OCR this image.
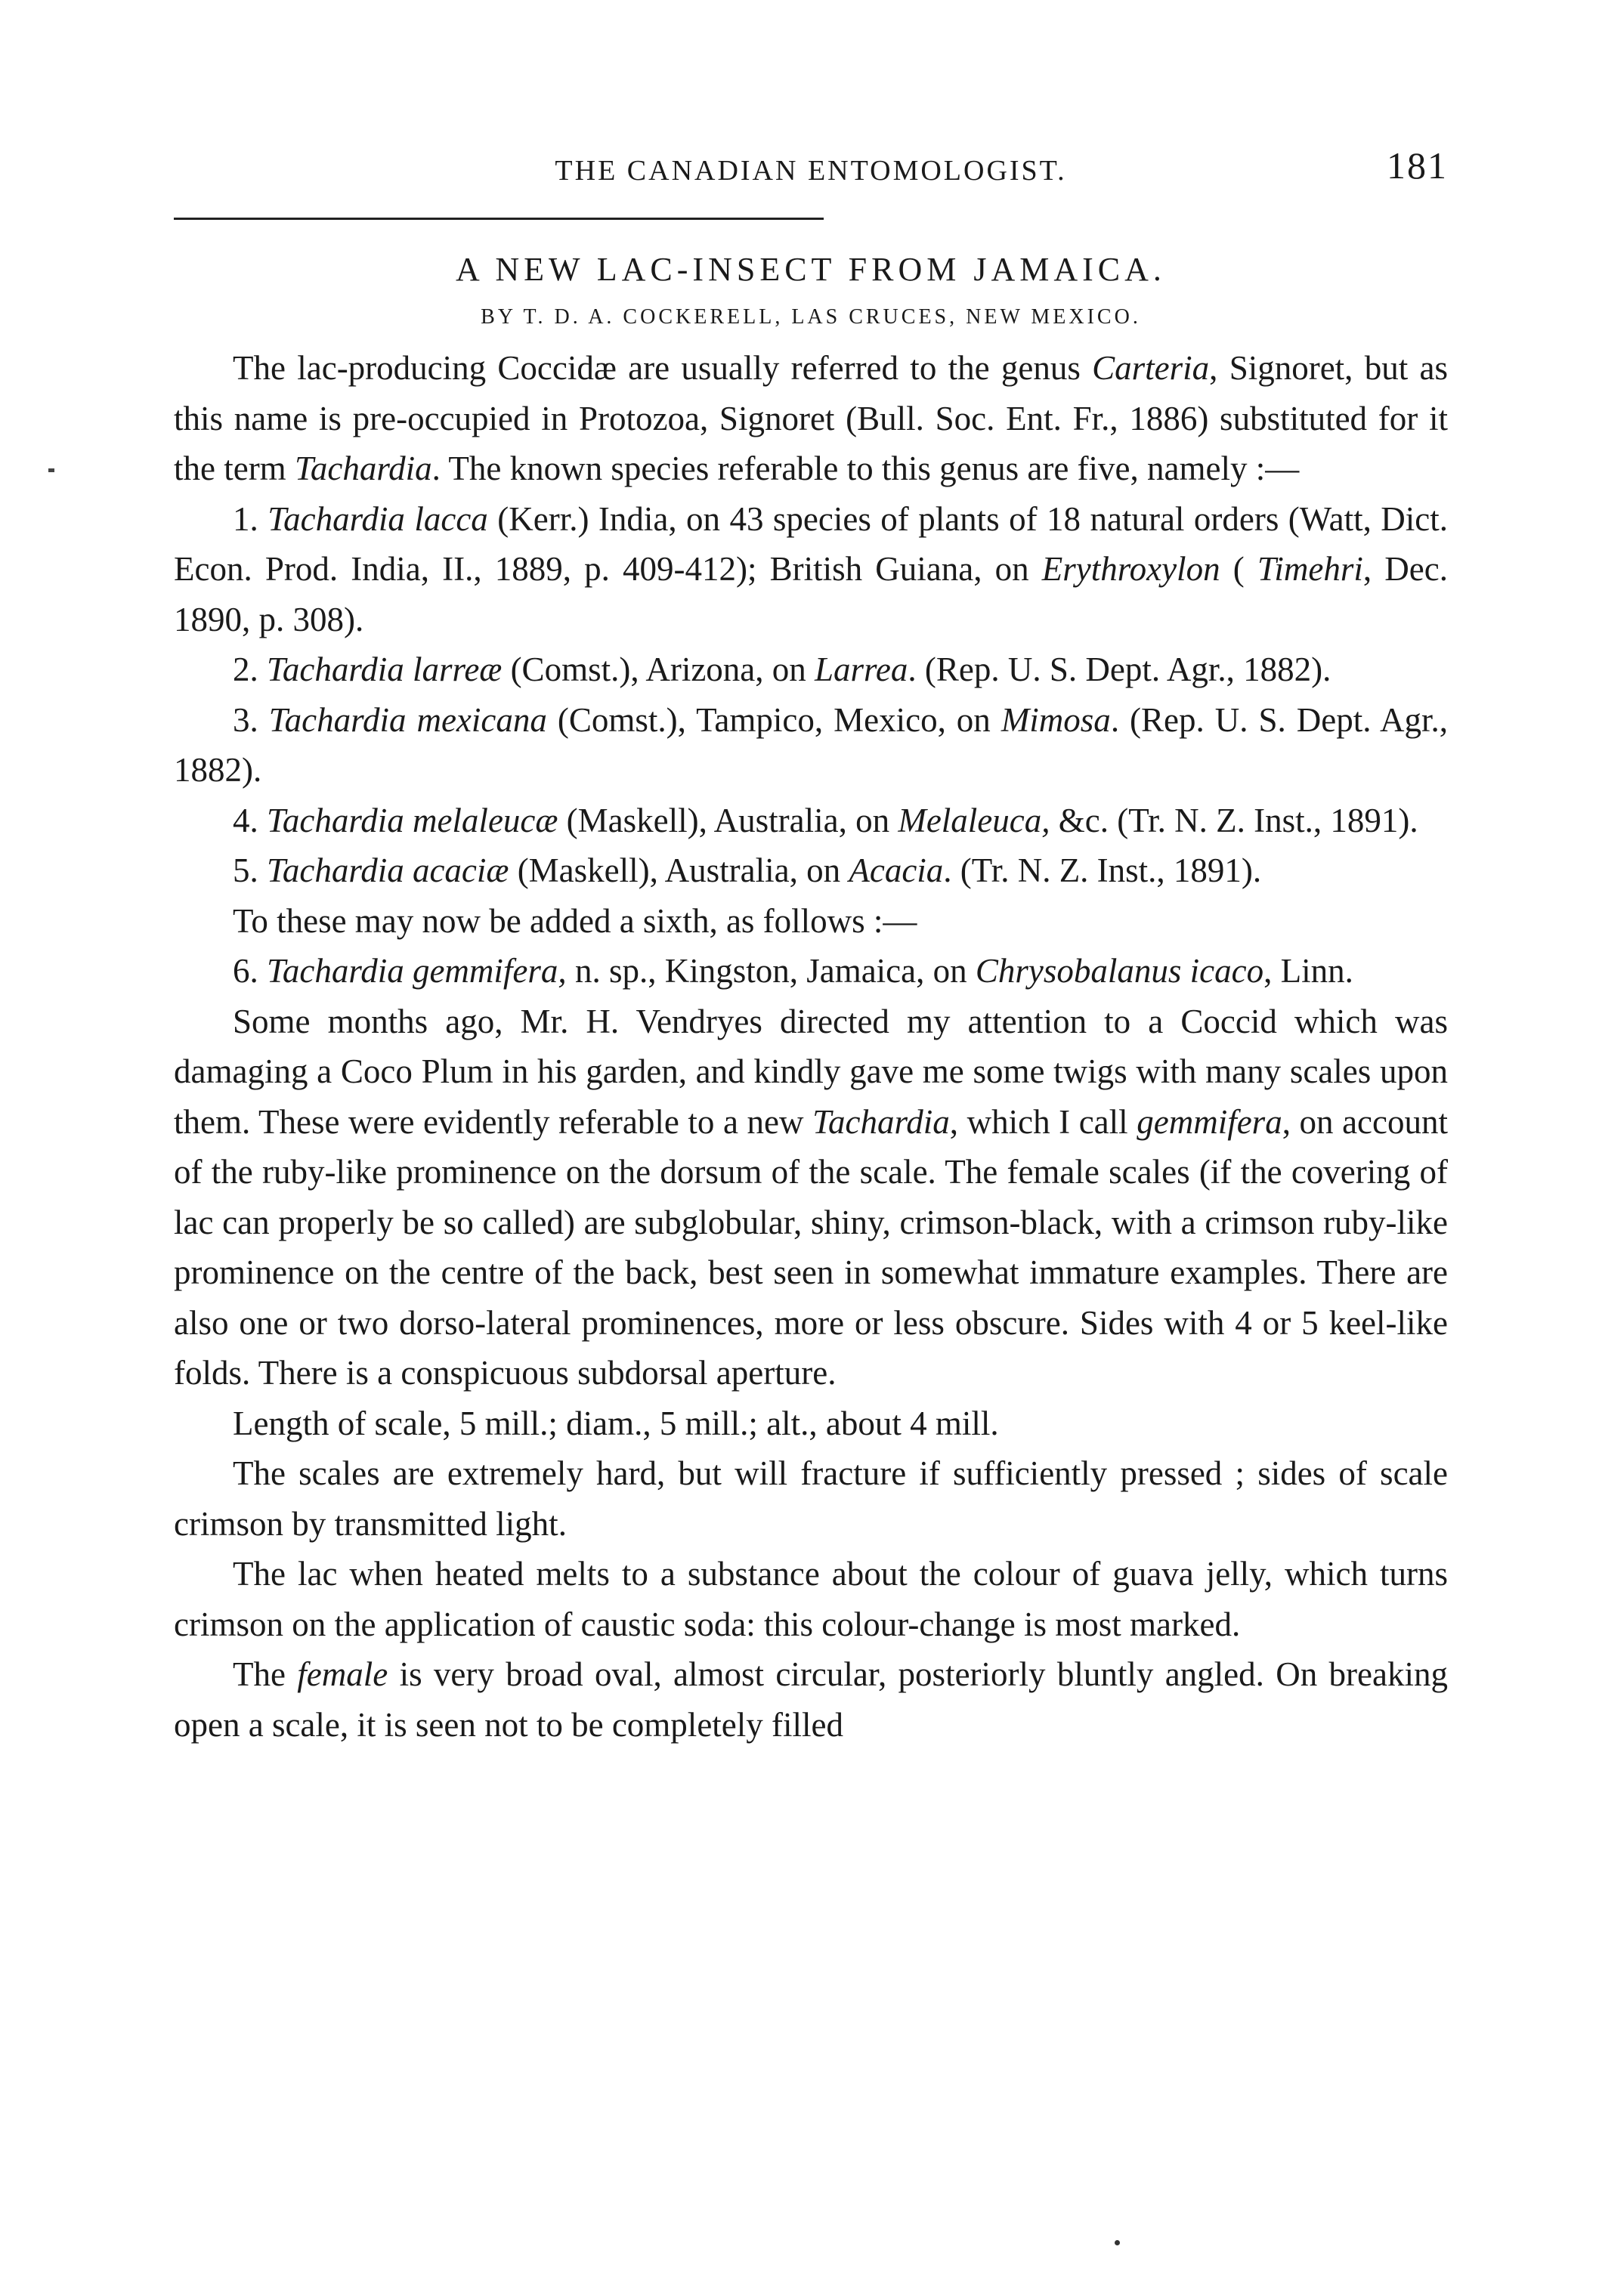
THE CANADIAN ENTOMOLOGIST.	181
A NEW LAC-INSECT FROM JAMAICA.
BY T. D. A. COCKERELL, LAS CRUCES, NEW MEXICO.

The lac-producing Coccidæ are usually referred to the genus Carteria, Signoret, but as this name is pre-occupied in Protozoa, Signoret (Bull. Soc. Ent. Fr., 1886) substituted for it the term Tachardia. The known species referable to this genus are five, namely :—

1. Tachardia lacca (Kerr.) India, on 43 species of plants of 18 natural orders (Watt, Dict. Econ. Prod. India, II., 1889, p. 409-412); British Guiana, on Erythroxylon ( Timehri, Dec. 1890, p. 308).

2. Tachardia larreæ (Comst.), Arizona, on Larrea. (Rep. U. S. Dept. Agr., 1882).

3. Tachardia mexicana (Comst.), Tampico, Mexico, on Mimosa. (Rep. U. S. Dept. Agr., 1882).

4. Tachardia melaleucæ (Maskell), Australia, on Melaleuca, &c. (Tr. N. Z. Inst., 1891).

5. Tachardia acaciæ (Maskell), Australia, on Acacia. (Tr. N. Z. Inst., 1891).

To these may now be added a sixth, as follows :—

6. Tachardia gemmifera, n. sp., Kingston, Jamaica, on Chrysobalanus icaco, Linn.

Some months ago, Mr. H. Vendryes directed my attention to a Coccid which was damaging a Coco Plum in his garden, and kindly gave me some twigs with many scales upon them. These were evidently referable to a new Tachardia, which I call gemmifera, on account of the ruby-like prominence on the dorsum of the scale. The female scales (if the covering of lac can properly be so called) are subglobular, shiny, crimson-black, with a crimson ruby-like prominence on the centre of the back, best seen in somewhat immature examples. There are also one or two dorso-lateral prominences, more or less obscure. Sides with 4 or 5 keel-like folds. There is a conspicuous subdorsal aperture.

Length of scale, 5 mill.; diam., 5 mill.; alt., about 4 mill.

The scales are extremely hard, but will fracture if sufficiently pressed ; sides of scale crimson by transmitted light.

The lac when heated melts to a substance about the colour of guava jelly, which turns crimson on the application of caustic soda: this colour-change is most marked.

The female is very broad oval, almost circular, posteriorly bluntly angled. On breaking open a scale, it is seen not to be completely filled
